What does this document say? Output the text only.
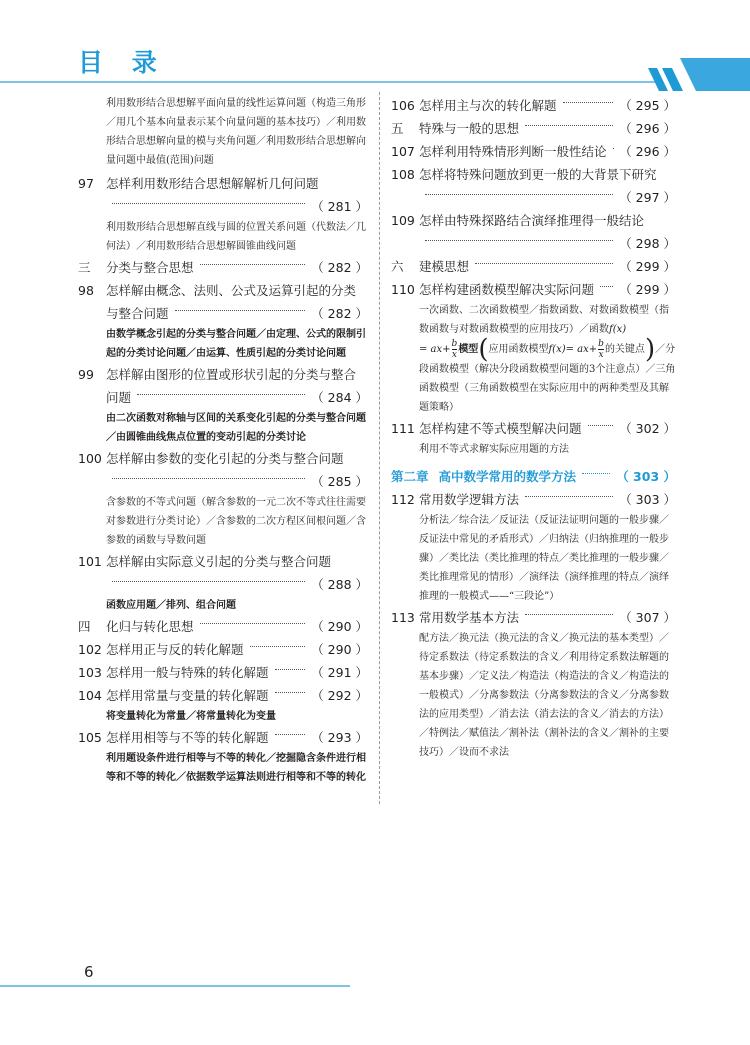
目 录
利用数形结合思想解平面向量的线性运算问题（构造三角形／用几个基本向量表示某个向量问题的基本技巧）／利用数形结合思想解向量的模与夹角问题／利用数形结合思想解向量问题中最值(范围)问题
97 怎样利用数形结合思想解解析几何问题
（ 281 ）
利用数形结合思想解直线与圆的位置关系问题（代数法／几何法）／利用数形结合思想解圆锥曲线问题
三 分类与整合思想	（ 282 ）
98 怎样解由概念、法则、公式及运算引起的分类
与整合问题	（ 282 ）
由数学概念引起的分类与整合问题／由定理、公式的限制引起的分类讨论问题／由运算、性质引起的分类讨论问题
99 怎样解由图形的位置或形状引起的分类与整合
问题	（ 284 ）
由二次函数对称轴与区间的关系变化引起的分类与整合问题／由圆锥曲线焦点位置的变动引起的分类讨论
100 怎样解由参数的变化引起的分类与整合问题
（ 285 ）
含参数的不等式问题（解含参数的一元二次不等式往往需要对参数进行分类讨论）／含参数的二次方程区间根问题／含参数的函数与导数问题
101 怎样解由实际意义引起的分类与整合问题
（ 288 ）
函数应用题／排列、组合问题
四 化归与转化思想	（ 290 ）
102 怎样用正与反的转化解题	（ 290 ）
103 怎样用一般与特殊的转化解题	（ 291 ）
104 怎样用常量与变量的转化解题	（ 292 ）
将变量转化为常量／将常量转化为变量
105 怎样用相等与不等的转化解题	（ 293 ）
利用题设条件进行相等与不等的转化／挖掘隐含条件进行相等和不等的转化／依据数学运算法则进行相等和不等的转化
106 怎样用主与次的转化解题	（ 295 ）
五 特殊与一般的思想	（ 296 ）
107 怎样利用特殊情形判断一般性结论 （ 296 ）
108 怎样将特殊问题放到更一般的大背景下研究
（ 297 ）
109 怎样由特殊探路结合演绎推理得一般结论
（ 298 ）
六 建模思想	（ 299 ）
110 怎样构建函数模型解决实际问题 （ 299 ）
一次函数、二次函数模型／指数函数、对数函数模型（指数函数与对数函数模型的应用技巧）／函数f(x)
= $ax+ \frac{b}{x}$ 模型(应用函数模型$f(x)= ax+ \frac{b}{x}$ 的关键点)／分段函数模型（解决分段函数模型问题的3个注意点）／三角函数模型（三角函数模型在实际应用中的两种类型及其解题策略）
111 怎样构建不等式模型解决问题	（ 302 ）
利用不等式求解实际应用题的方法
第二章 高中数学常用的数学方法	（ 303 ）
112 常用数学逻辑方法	（ 303 ）
分析法／综合法／反证法（反证法证明问题的一般步骤／反证法中常见的矛盾形式）／归纳法（归纳推理的一般步骤）／类比法（类比推理的特点／类比推理的一般步骤／类比推理常见的情形）／演绎法（演绎推理的特点／演绎推理的一般模式——“三段论”）
113 常用数学基本方法	（ 307 ）
配方法／换元法（换元法的含义／换元法的基本类型）／待定系数法（待定系数法的含义／利用待定系数法解题的基本步骤）／定义法／构造法（构造法的含义／构造法的一般模式）／分离参数法（分离参数法的含义／分离参数法的应用类型）／消去法（消去法的含义／消去的方法）／特例法／赋值法／割补法（割补法的含义／割补的主要技巧）／设而不求法
6
